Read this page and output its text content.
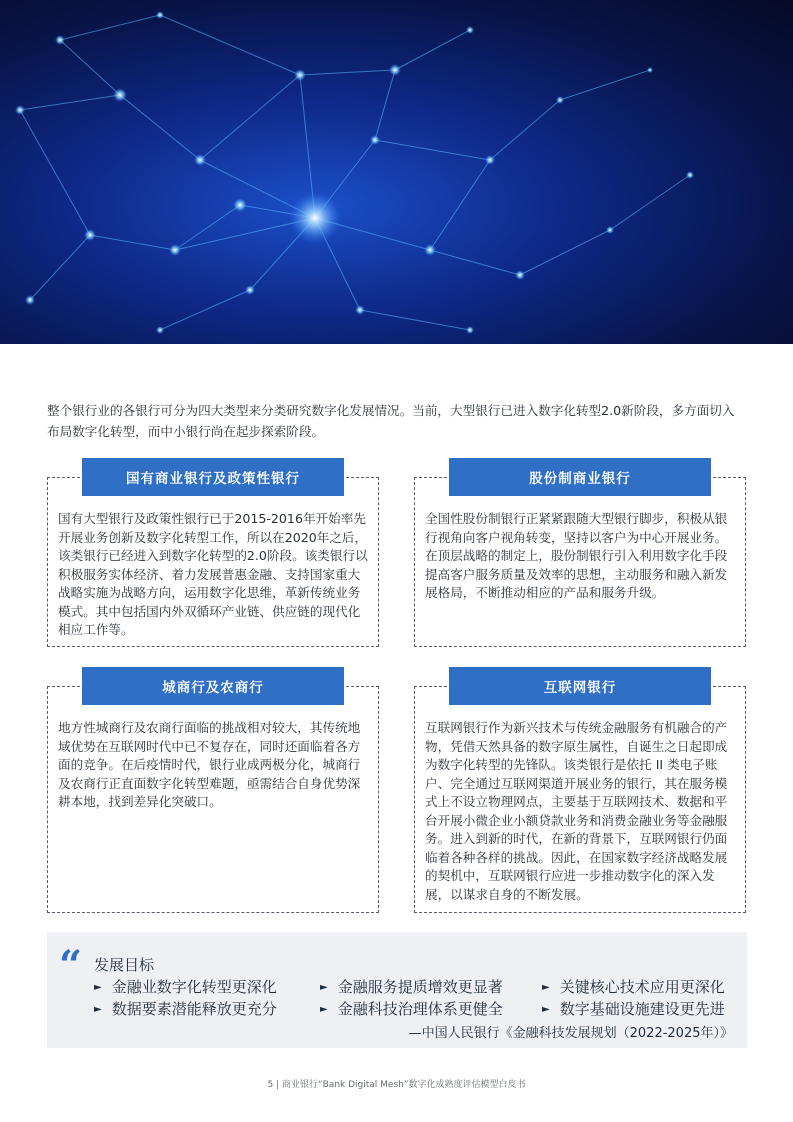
整个银行业的各银行可分为四大类型来分类研究数字化发展情况。当前，大型银行已进入数字化转型2.0新阶段，多方面切入布局数字化转型，而中小银行尚在起步探索阶段。

国有商业银行及政策性银行
国有大型银行及政策性银行已于2015-2016年开始率先开展业务创新及数字化转型工作，所以在2020年之后，该类银行已经进入到数字化转型的2.0阶段。该类银行以积极服务实体经济、着力发展普惠金融、支持国家重大战略实施为战略方向，运用数字化思维，革新传统业务模式。其中包括国内外双循环产业链、供应链的现代化相应工作等。
股份制商业银行
全国性股份制银行正紧紧跟随大型银行脚步，积极从银行视角向客户视角转变，坚持以客户为中心开展业务。在顶层战略的制定上，股份制银行引入利用数字化手段提高客户服务质量及效率的思想，主动服务和融入新发展格局，不断推动相应的产品和服务升级。
城商行及农商行
地方性城商行及农商行面临的挑战相对较大，其传统地域优势在互联网时代中已不复存在，同时还面临着各方面的竞争。在后疫情时代，银行业成两极分化，城商行及农商行正直面数字化转型难题，亟需结合自身优势深耕本地，找到差异化突破口。
互联网银行
互联网银行作为新兴技术与传统金融服务有机融合的产物，凭借天然具备的数字原生属性，自诞生之日起即成为数字化转型的先锋队。该类银行是依托 II 类电子账户、完全通过互联网渠道开展业务的银行，其在服务模式上不设立物理网点，主要基于互联网技术、数据和平台开展小微企业小额贷款业务和消费金融业务等金融服务。进入到新的时代，在新的背景下，互联网银行仍面临着各种各样的挑战。因此，在国家数字经济战略发展的契机中，互联网银行应进一步推动数字化的深入发展，以谋求自身的不断发展。
“ 发展目标
► 金融业数字化转型更深化	► 金融服务提质增效更显著	► 关键核心技术应用更深化
► 数据要素潜能释放更充分	► 金融科技治理体系更健全	► 数字基础设施建设更先进
—中国人民银行《金融科技发展规划（2022-2025年）》
5 | 商业银行“Bank Digital Mesh”数字化成熟度评估模型白皮书
